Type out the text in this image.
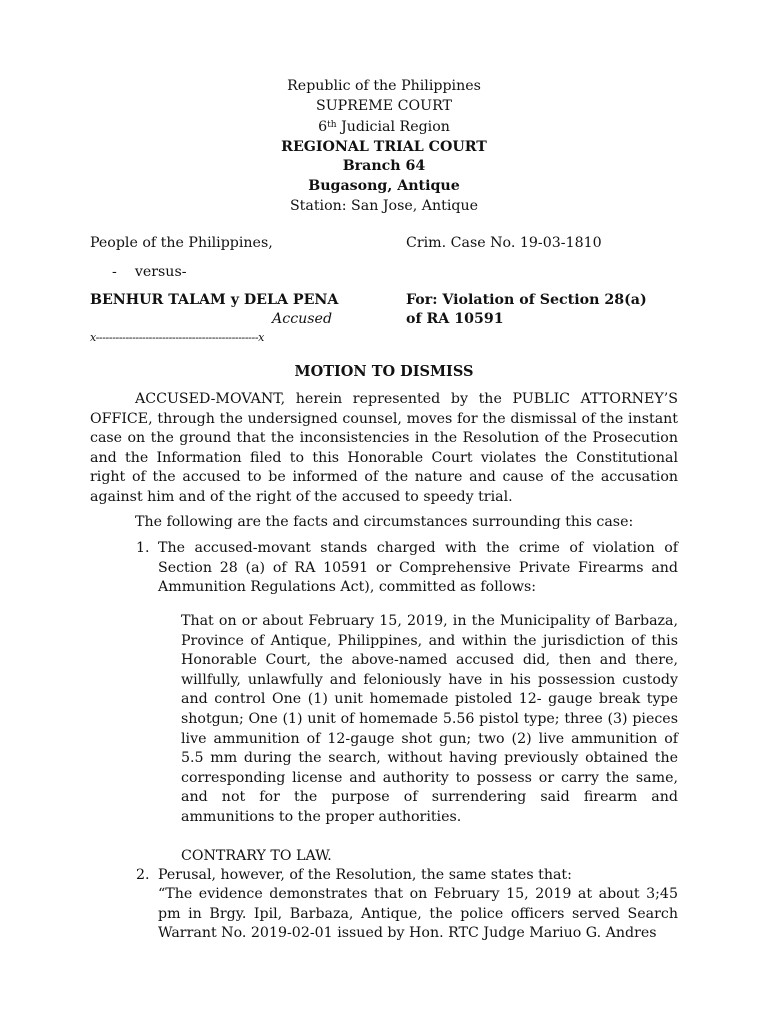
Republic of the Philippines
SUPREME COURT
$6_{th}$ Judicial Region
REGIONAL TRIAL COURT
Branch 64
Bugasong, Antique
Station: San Jose, Antique
People of the Philippines,	Crim. Case No. 19-03-1810
-    versus-
BENHUR TALAM y DELA PENA
Accused
For: Violation of Section 28(a)
of RA 10591
x-------------------------------------------------x
MOTION TO DISMISS
ACCUSED-MOVANT, herein represented by the PUBLIC ATTORNEY’S OFFICE, through the undersigned counsel, moves for the dismissal of the instant case on the ground that the inconsistencies in the Resolution of the Prosecution and the Information filed to this Honorable Court violates the Constitutional right of the accused to be informed of the nature and cause of the accusation against him and of the right of the accused to speedy trial.
The following are the facts and circumstances surrounding this case:
1. The accused-movant stands charged with the crime of violation of Section 28 (a) of RA 10591 or Comprehensive Private Firearms and Ammunition Regulations Act), committed as follows:
That on or about February 15, 2019, in the Municipality of Barbaza, Province of Antique, Philippines, and within the jurisdiction of this Honorable Court, the above-named accused did, then and there, willfully, unlawfully and feloniously have in his possession custody and control One (1) unit homemade pistoled 12- gauge break type shotgun; One (1) unit of homemade 5.56 pistol type; three (3) pieces live ammunition of 12-gauge shot gun; two (2) live ammunition of 5.5 mm during the search, without having previously obtained the corresponding license and authority to possess or carry the same, and not for the purpose of surrendering said firearm and ammunitions to the proper authorities.
CONTRARY TO LAW.
2. Perusal, however, of the Resolution, the same states that:
“The evidence demonstrates that on February 15, 2019 at about 3;45 pm in Brgy. Ipil, Barbaza, Antique, the police officers served Search Warrant No. 2019-02-01 issued by Hon. RTC Judge Mariuo G. Andres
